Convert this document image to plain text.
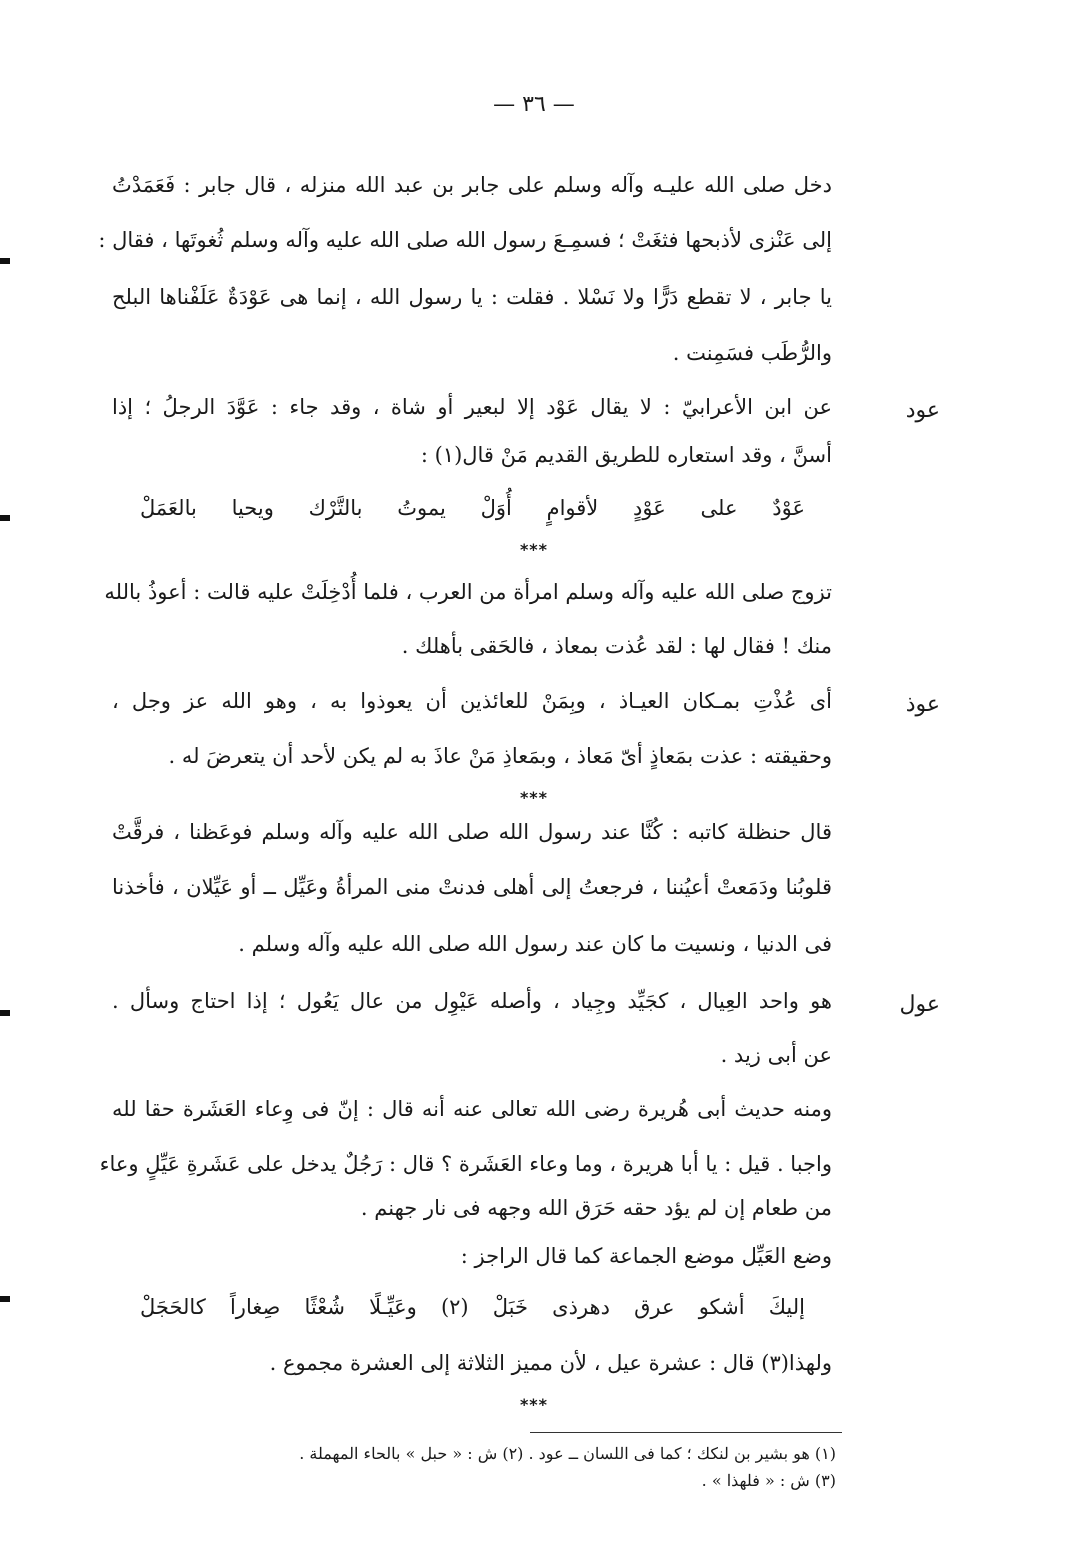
— ٣٦ —
دخل صلى الله عليـه وآله وسلم على جابر بن عبد الله منزله ، قال جابر : فَعَمَدْتُ
إلى عَنْزى لأذبحها فثغَتْ ؛ فسمِـعَ رسول الله صلى الله عليه وآله وسلم ثُغوتَها ، فقال :
يا جابر ، لا تقطع دَرًّا ولا نَسْلا . فقلت : يا رسول الله ، إنما هى عَوْدَةٌ عَلَفْناها البلح
والرُّطَب فسَمِنت .
عود
عن ابن الأعرابيّ : لا يقال عَوْد إلا لبعير أو شاة ، وقد جاء : عَوَّدَ الرجلُ ؛ إذا
أسنَّ ، وقد استعاره للطريق القديم مَنْ قال(١) :
عَوْدٌ على عَوْدٍ لأقوامٍ أُوَلْ يموتُ بالتَّرْك ويحيا بالعَمَلْ
***
تزوج صلى الله عليه وآله وسلم امرأة من العرب ، فلما أُدْخِلَتْ عليه قالت : أعوذُ بالله
منك ! فقال لها : لقد عُذت بمعاذ ، فالحَقى بأهلك .
عوذ
أى عُذْتِ بمـكان العيـاذ ، وبِمَنْ للعائذين أن يعوذوا به ، وهو الله عز وجل ،
وحقيقته : عذت بمَعاذٍ أىّ مَعاذ ، وبمَعاذِ مَنْ عاذَ به لم يكن لأحد أن يتعرضَ له .
***
قال حنظلة كاتبه : كُنَّا عند رسول الله صلى الله عليه وآله وسلم فوعَظنا ، فرقَّتْ
قلوبُنا ودَمَعتْ أعيُننا ، فرجعتُ إلى أهلى فدنتْ منى المرأةُ وعَيِّل ــ أو عَيِّلان ، فأخذنا
فى الدنيا ، ونسيت ما كان عند رسول الله صلى الله عليه وآله وسلم .
عول
هو واحد العِيال ، كجَيِّد وجِياد ، وأصله عَيْوِل من عال يَعُول ؛ إذا احتاج وسأل .
عن أبى زيد .
ومنه حديث أبى هُريرة رضى الله تعالى عنه أنه قال : إنّ فى وِعاء العَشَرة حقا لله
واجبا . قيل : يا أبا هريرة ، وما وعاء العَشَرة ؟ قال : رَجُلٌ يدخل على عَشَرةِ عَيِّلٍ وعاء
من طعام إن لم يؤد حقه حَرَق الله وجهه فى نار جهنم .
وضع العَيِّل موضع الجماعة كما قال الراجز :
إليكَ أشكو عرق دهرذى خَبَلْ (٢) وعَيِّـلًا شُعْثًا صِغاراً كالحَجَلْ
ولهذا(٣) قال : عشرة عيل ، لأن مميز الثلاثة إلى العشرة مجموع .
***
(١) هو بشير بن لنكك ؛ كما فى اللسان ــ عود . (٢) ش : « حبل » بالحاء المهملة .
(٣) ش : « فلهذا » .
